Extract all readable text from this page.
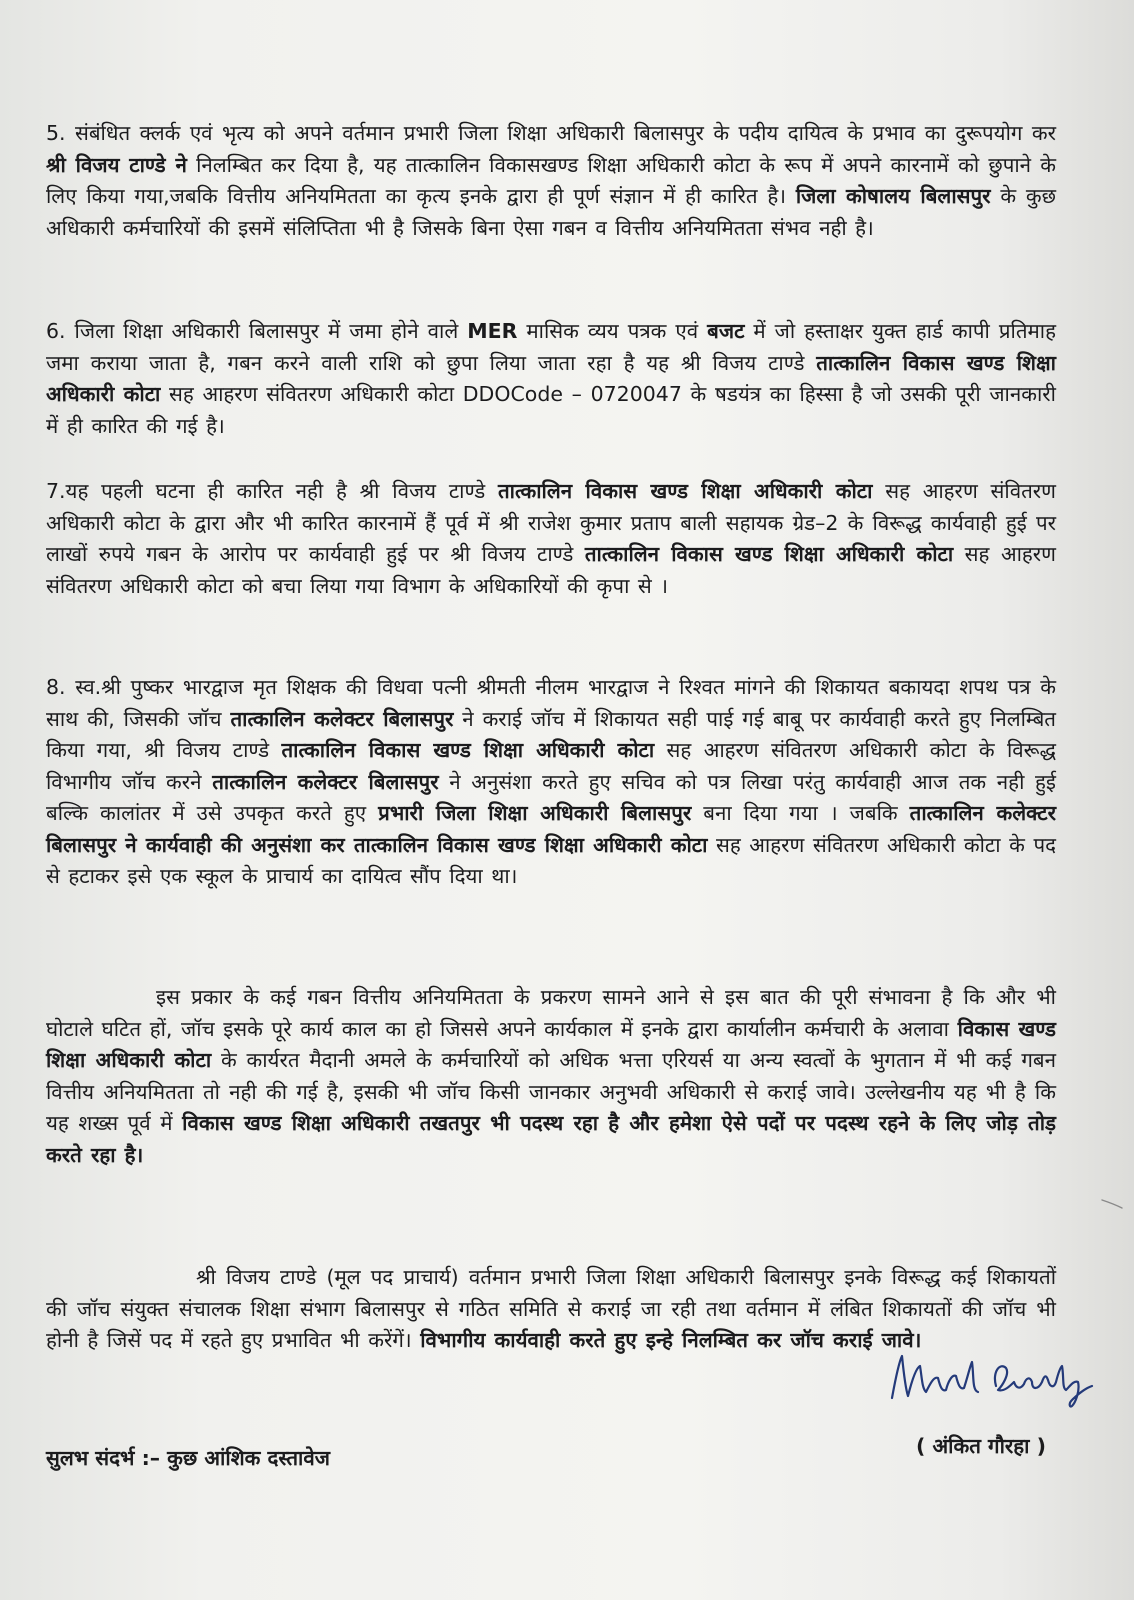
5. संबंधित क्लर्क एवं भृत्य को अपने वर्तमान प्रभारी जिला शिक्षा अधिकारी बिलासपुर के पदीय दायित्व के प्रभाव का दुरूपयोग कर श्री विजय टाण्डे ने निलम्बित कर दिया है, यह तात्कालिन विकासखण्ड शिक्षा अधिकारी कोटा के रूप में अपने कारनामें को छुपाने के लिए किया गया,जबकि वित्तीय अनियमितता का कृत्य इनके द्वारा ही पूर्ण संज्ञान में ही कारित है। जिला कोषालय बिलासपुर के कुछ अधिकारी कर्मचारियों की इसमें संलिप्तिता भी है जिसके बिना ऐसा गबन व वित्तीय अनियमितता संभव नही है।

6. जिला शिक्षा अधिकारी बिलासपुर में जमा होने वाले MER मासिक व्यय पत्रक एवं बजट में जो हस्ताक्षर युक्त हार्ड कापी प्रतिमाह जमा कराया जाता है, गबन करने वाली राशि को छुपा लिया जाता रहा है यह श्री विजय टाण्डे तात्कालिन विकास खण्ड शिक्षा अधिकारी कोटा सह आहरण संवितरण अधिकारी कोटा DDOCode – 0720047 के षडयंत्र का हिस्सा है जो उसकी पूरी जानकारी में ही कारित की गई है।

7.यह पहली घटना ही कारित नही है श्री विजय टाण्डे तात्कालिन विकास खण्ड शिक्षा अधिकारी कोटा सह आहरण संवितरण अधिकारी कोटा के द्वारा और भी कारित कारनामें हैं पूर्व में श्री राजेश कुमार प्रताप बाली सहायक ग्रेड–2 के विरूद्ध कार्यवाही हुई पर लाखों रुपये गबन के आरोप पर कार्यवाही हुई पर श्री विजय टाण्डे तात्कालिन विकास खण्ड शिक्षा अधिकारी कोटा सह आहरण संवितरण अधिकारी कोटा को बचा लिया गया विभाग के अधिकारियों की कृपा से ।

8. स्व.श्री पुष्कर भारद्वाज मृत शिक्षक की विधवा पत्नी श्रीमती नीलम भारद्वाज ने रिश्वत मांगने की शिकायत बकायदा शपथ पत्र के साथ की, जिसकी जॉच तात्कालिन कलेक्टर बिलासपुर ने कराई जॉच में शिकायत सही पाई गई बाबू पर कार्यवाही करते हुए निलम्बित किया गया, श्री विजय टाण्डे तात्कालिन विकास खण्ड शिक्षा अधिकारी कोटा सह आहरण संवितरण अधिकारी कोटा के विरूद्ध विभागीय जॉच करने तात्कालिन कलेक्टर बिलासपुर ने अनुसंशा करते हुए सचिव को पत्र लिखा परंतु कार्यवाही आज तक नही हुई बल्कि कालांतर में उसे उपकृत करते हुए प्रभारी जिला शिक्षा अधिकारी बिलासपुर बना दिया गया । जबकि तात्कालिन कलेक्टर बिलासपुर ने कार्यवाही की अनुसंशा कर तात्कालिन विकास खण्ड शिक्षा अधिकारी कोटा सह आहरण संवितरण अधिकारी कोटा के पद से हटाकर इसे एक स्कूल के प्राचार्य का दायित्व सौंप दिया था।

इस प्रकार के कई गबन वित्तीय अनियमितता के प्रकरण सामने आने से इस बात की पूरी संभावना है कि और भी घोटाले घटित हों, जॉच इसके पूरे कार्य काल का हो जिससे अपने कार्यकाल में इनके द्वारा कार्यालीन कर्मचारी के अलावा विकास खण्ड शिक्षा अधिकारी कोटा के कार्यरत मैदानी अमले के कर्मचारियों को अधिक भत्ता एरियर्स या अन्य स्वत्वों के भुगतान में भी कई गबन वित्तीय अनियमितता तो नही की गई है, इसकी भी जॉच किसी जानकार अनुभवी अधिकारी से कराई जावे। उल्लेखनीय यह भी है कि यह शख्स पूर्व में विकास खण्ड शिक्षा अधिकारी तखतपुर भी पदस्थ रहा है और हमेशा ऐसे पदों पर पदस्थ रहने के लिए जोड़ तोड़ करते रहा है।

श्री विजय टाण्डे (मूल पद प्राचार्य) वर्तमान प्रभारी जिला शिक्षा अधिकारी बिलासपुर इनके विरूद्ध कई शिकायतों की जॉच संयुक्त संचालक शिक्षा संभाग बिलासपुर से गठित समिति से कराई जा रही तथा वर्तमान में लंबित शिकायतों की जॉच भी होनी है जिसें पद में रहते हुए प्रभावित भी करेंगें। विभागीय कार्यवाही करते हुए इन्हे निलम्बित कर जॉच कराई जावे।

( अंकित गौरहा )

सुलभ संदर्भ :– कुछ आंशिक दस्तावेज
